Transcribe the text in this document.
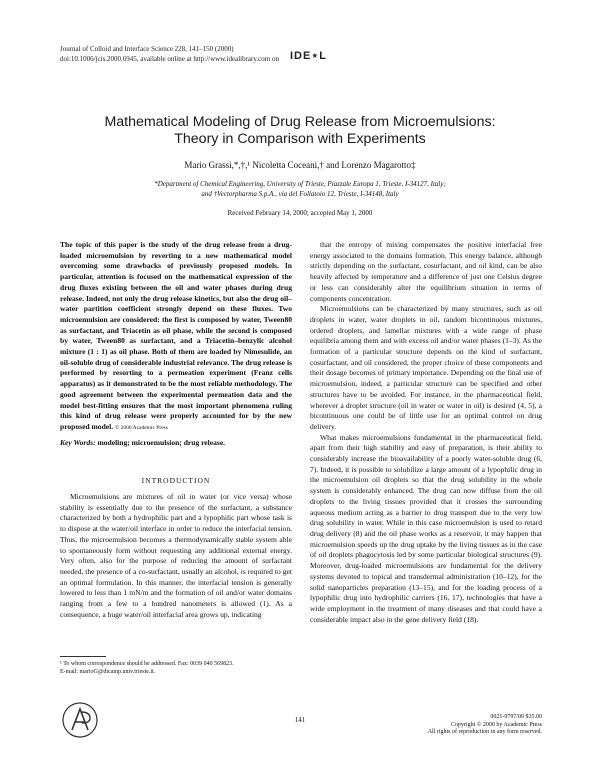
Journal of Colloid and Interface Science 228, 141–150 (2000)
doi:10.1006/jcis.2000.6945, available online at http://www.idealibrary.com on IDE⋆L
Mathematical Modeling of Drug Release from Microemulsions:
Theory in Comparison with Experiments
Mario Grassi,*,†,¹ Nicoletta Coceani,† and Lorenzo Magarotto‡
*Department of Chemical Engineering, University of Trieste, Piazzale Europa 1, Trieste, I-34127, Italy;
and †Vectorpharma S.p.A., via del Follatoio 12, Trieste, I-34148, Italy
Received February 14, 2000; accepted May 1, 2000
The topic of this paper is the study of the drug release from a drug-loaded microemulsion by reverting to a new mathematical model overcoming some drawbacks of previously proposed models. In particular, attention is focused on the mathematical expression of the drug fluxes existing between the oil and water phases during drug release. Indeed, not only the drug release kinetics, but also the drug oil–water partition coefficient strongly depend on these fluxes. Two microemulsion are considered: the first is composed by water, Tween80 as surfactant, and Triacetin as oil phase, while the second is composed by water, Tween80 as surfactant, and a Triacetin–benzylic alcohol mixture (1 : 1) as oil phase. Both of them are loaded by Nimesulide, an oil-soluble drug of considerable industrial relevance. The drug release is performed by resorting to a permeation experiment (Franz cells apparatus) as it demonstrated to be the most reliable methodology. The good agreement between the experimental permeation data and the model best-fitting ensures that the most important phenomena ruling this kind of drug release were properly accounted for by the new proposed model. © 2000 Academic Press
Key Words: modeling; microemulsion; drug release.
INTRODUCTION

Microemulsions are mixtures of oil in water (or vice versa) whose stability is essentially due to the presence of the surfactant, a substance characterized by both a hydrophilic part and a lypophilic part whose task is to dispose at the water/oil interface in order to reduce the interfacial tension. Thus, the microemulsion becomes a thermodynamically stable system able to spontaneously form without requesting any additional external energy. Very often, also for the purpose of reducing the amount of surfactant needed, the presence of a co-surfactant, usually an alcohol, is required to get an optimal formulation. In this manner, the interfacial tension is generally lowered to less than 1 mN/m and the formation of oil and/or water domains ranging from a few to a hundred nanometers is allowed (1). As a consequence, a huge water/oil interfacial area grows up, indicating

that the entropy of mixing compensates the positive interfacial free energy associated to the domains formation. This energy balance, although strictly depending on the surfactant, cosurfactant, and oil kind, can be also heavily affected by temperature and a difference of just one Celsius degree or less can considerably alter the equilibrium situation in terms of components concentration.

Microemulsions can be characterized by many structures, such as oil droplets in water, water droplets in oil, random bicontinuous mixtures, ordered droplets, and lamellar mixtures with a wide range of phase equilibria among them and with excess oil and/or water phases (1–3). As the formation of a particular structure depends on the kind of surfactant, cosurfactant, and oil considered, the proper choice of these components and their dosage becomes of primary importance. Depending on the final use of microemulsion, indeed, a particular structure can be specified and other structures have to be avoided. For instance, in the pharmaceutical field, wherever a droplet structure (oil in water or water in oil) is desired (4, 5), a bicontinuous one could be of little use for an optimal control on drug delivery.

What makes microemulsions fundamental in the pharmaceutical field, apart from their high stability and easy of preparation, is their ability to considerably increase the bioavailability of a poorly water-soluble drug (6, 7). Indeed, it is possible to solubilize a large amount of a lypophilic drug in the microemulsion oil droplets so that the drug solubility in the whole system is considerably enhanced. The drug can now diffuse from the oil droplets to the living tissues provided that it crosses the surrounding aqueous medium acting as a barrier to drug transport due to the very low drug solubility in water. While in this case microemulsion is used to retard drug delivery (8) and the oil phase works as a reservoir, it may happen that microemulsion speeds up the drug uptake by the living tissues as in the case of oil droplets phagocytosis led by some particular biological structures (9). Moreover, drug-loaded microemulsions are fundamental for the delivery systems devoted to topical and transdermal administration (10–12), for the solid nanoparticles preparation (13–15), and for the loading process of a lypophilic drug into hydrophilic carriers (16, 17), technologies that have a wide employment in the treatment of many diseases and that could have a considerable impact also in the gene delivery field (18).

¹ To whom correspondence should be addressed. Fax: 0039 040 569823.
E-mail: marioG@dicamp.univ.trieste.it.
141	0021-9797/00 $35.00
Copyright © 2000 by Academic Press
All rights of reproduction in any form reserved.
